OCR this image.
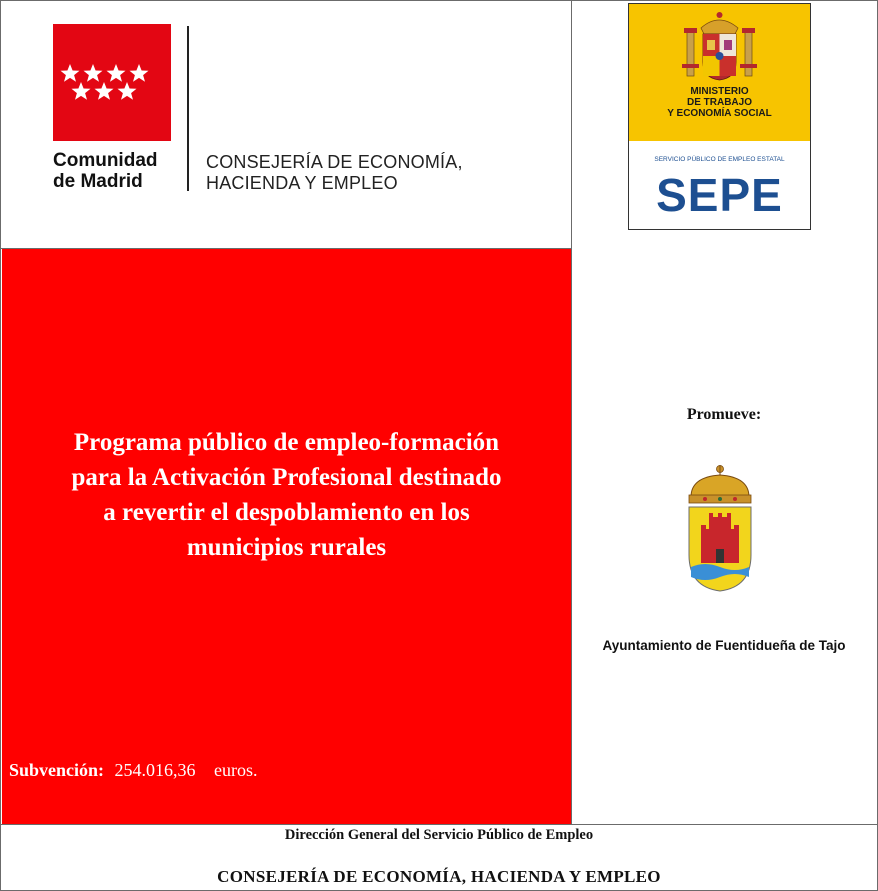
Comunidad
de Madrid
CONSEJERÍA DE ECONOMÍA,
HACIENDA Y EMPLEO
MINISTERIO
DE TRABAJO
Y ECONOMÍA SOCIAL
SERVICIO PÚBLICO DE EMPLEO ESTATAL
SEPE
Programa público de empleo-formación
para la Activación Profesional destinado
a revertir el despoblamiento en los
municipios rurales
Subvención: 254.016,36 euros.
Promueve:
Ayuntamiento de Fuentidueña de Tajo
Dirección General del Servicio Público de Empleo
CONSEJERÍA DE ECONOMÍA, HACIENDA Y EMPLEO
